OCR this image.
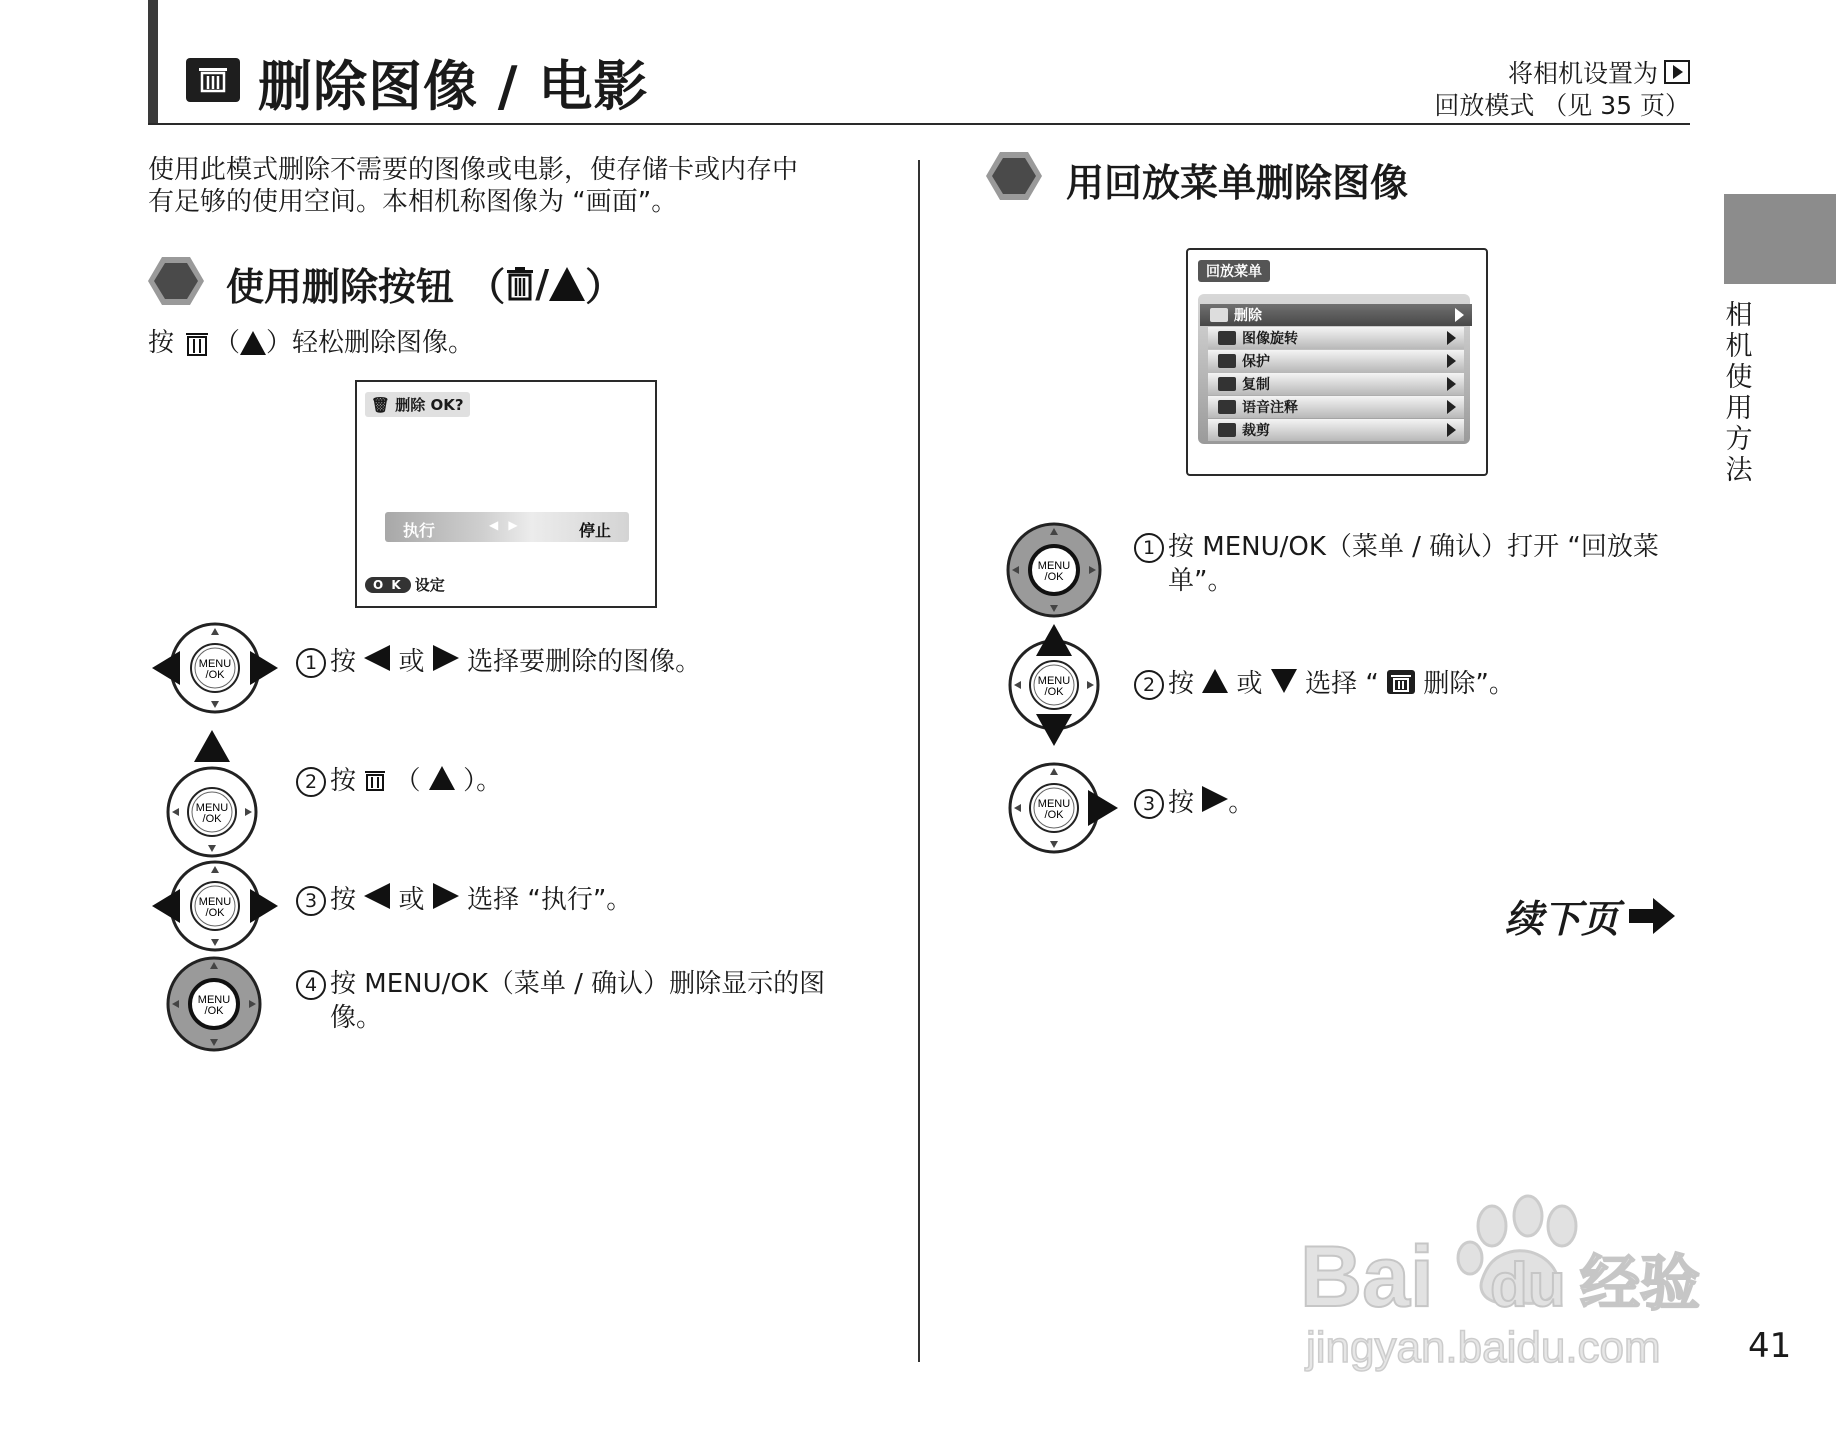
删除图像 / 电影	将相机设置为
回放模式 （见 35 页）
相
机
使
用
方
法
使用此模式删除不需要的图像或电影，使存储卡或内存中
有足够的使用空间。本相机称图像为 “画面”。
使用删除按钮 （ / ）
按 （ ）轻松删除图像。
🗑︎ 删除 OK?
执行	◀ ▶	停止
O K 设定
MENU
/OK
1 按 或 选择要删除的图像。
MENU
/OK
2 按 （ ）。
MENU
/OK
3 按 或 选择 “执行”。
MENU
/OK
4 按 MENU/OK（菜单 / 确认）删除显示的图
像。
用回放菜单删除图像
回放菜单
删除
图像旋转
保护
复制
语音注释
裁剪
MENU
/OK
1 按 MENU/OK（菜单 / 确认）打开 “回放菜
单”。
MENU
/OK	2 按 或 选择 “ 删除”。
MENU
/OK	3 按 。
续下页
Bai du 经验
jingyan.baidu.com	41
